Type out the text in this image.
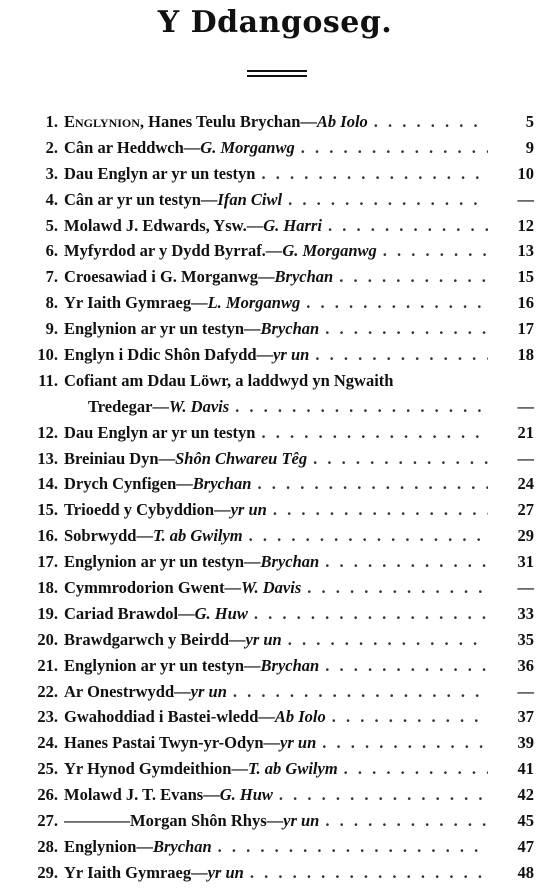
Y Ddangoseg.
1. Englynion, Hanes Teulu Brychan—Ab Iolo . . .	5
2. Cân ar Heddwch—G. Morganwg . . .	9
3. Dau Englyn ar yr un testyn . . .	10
4. Cân ar yr un testyn—Ifan Ciwl . . .	—
5. Molawd J. Edwards, Ysw.—G. Harri . . .	12
6. Myfyrdod ar y Dydd Byrraf.—G. Morganwg . . .	13
7. Croesawiad i G. Morganwg—Brychan . . .	15
8. Yr Iaith Gymraeg—L. Morganwg . . .	16
9. Englynion ar yr un testyn—Brychan . . .	17
10. Englyn i Ddic Shôn Dafydd—yr un . . .	18
11. Cofiant am Ddau Löwr, a laddwyd yn Ngwaith
Tredegar—W. Davis . . .	—
12. Dau Englyn ar yr un testyn . . .	21
13. Breiniau Dyn—Shôn Chwareu Têg . . .	—
14. Drych Cynfigen—Brychan . . .	24
15. Trioedd y Cybyddion—yr un . . .	27
16. Sobrwydd—T. ab Gwilym . . .	29
17. Englynion ar yr un testyn—Brychan . . .	31
18. Cymmrodorion Gwent—W. Davis . . .	—
19. Cariad Brawdol—G. Huw . . .	33
20. Brawdgarwch y Beirdd—yr un . . .	35
21. Englynion ar yr un testyn—Brychan . . .	36
22. Ar Onestrwydd—yr un . . .	—
23. Gwahoddiad i Bastei-wledd—Ab Iolo . . .	37
24. Hanes Pastai Twyn-yr-Odyn—yr un . . .	39
25. Yr Hynod Gymdeithion—T. ab Gwilym . . .	41
26. Molawd J. T. Evans—G. Huw . . .	42
27. ————Morgan Shôn Rhys—yr un . . .	45
28. Englynion—Brychan . . .	47
29. Yr Iaith Gymraeg—yr un . . .	48
